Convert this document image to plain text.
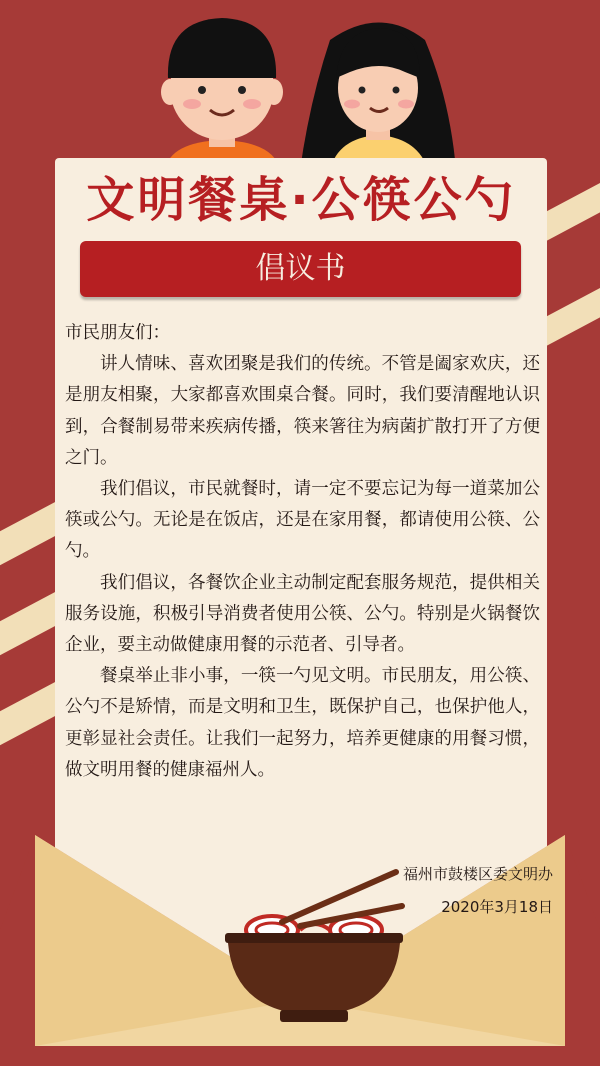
文明餐桌·公筷公勺
倡议书

市民朋友们：

讲人情味、喜欢团聚是我们的传统。不管是阖家欢庆，还是朋友相聚，大家都喜欢围桌合餐。同时，我们要清醒地认识到，合餐制易带来疾病传播，筷来箸往为病菌扩散打开了方便之门。

我们倡议，市民就餐时，请一定不要忘记为每一道菜加公筷或公勺。无论是在饭店，还是在家用餐，都请使用公筷、公勺。

我们倡议，各餐饮企业主动制定配套服务规范，提供相关服务设施，积极引导消费者使用公筷、公勺。特别是火锅餐饮企业，要主动做健康用餐的示范者、引导者。

餐桌举止非小事，一筷一勺见文明。市民朋友，用公筷、公勺不是矫情，而是文明和卫生，既保护自己，也保护他人，更彰显社会责任。让我们一起努力，培养更健康的用餐习惯，做文明用餐的健康福州人。

福州市鼓楼区委文明办
2020年3月18日
